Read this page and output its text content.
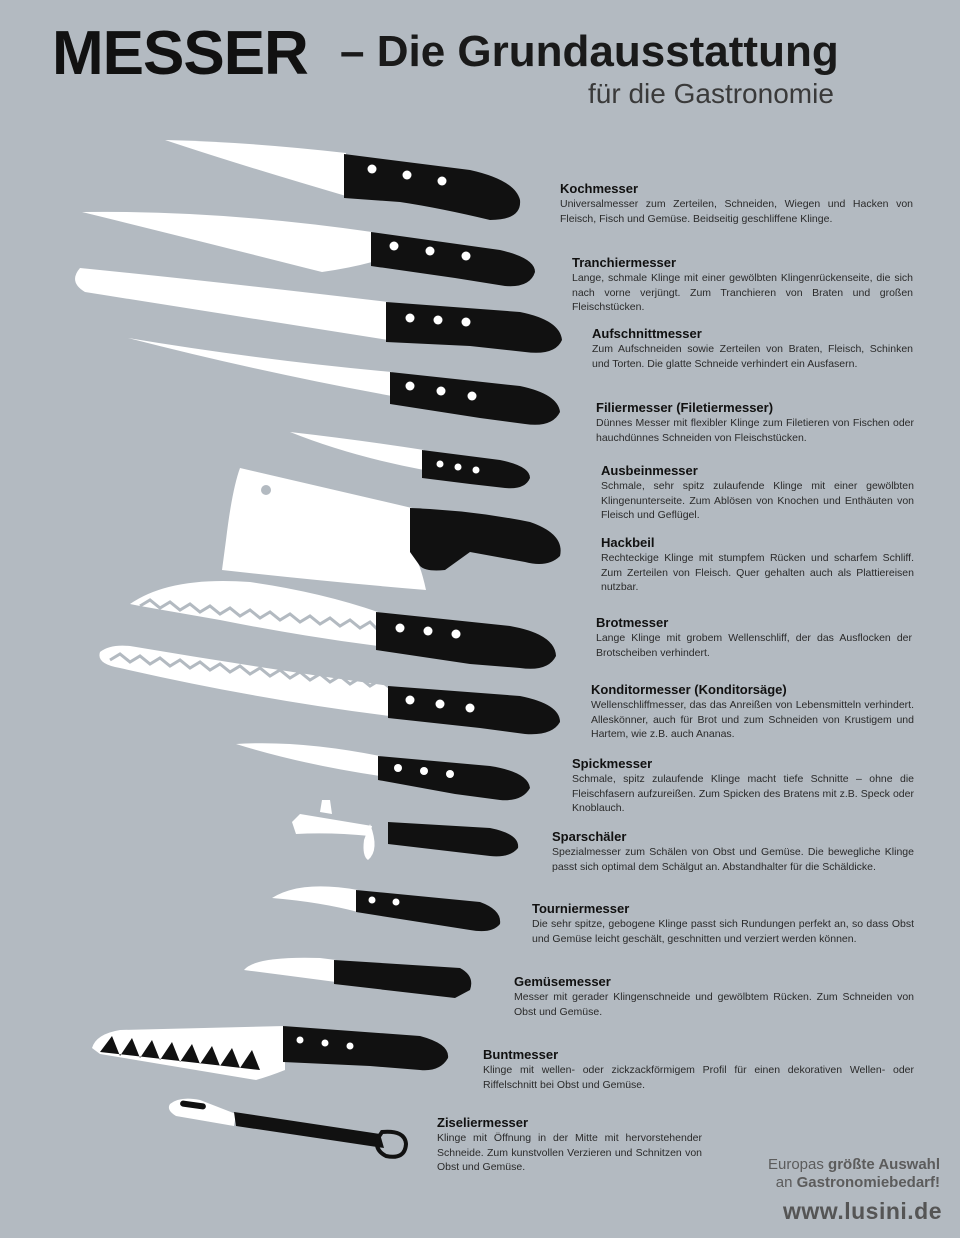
MESSER – Die Grundausstattung
für die Gastronomie
Kochmesser

Universalmesser zum Zerteilen, Schneiden, Wiegen und Hacken von Fleisch, Fisch und Gemüse. Beidseitig geschliffene Klinge.

Tranchiermesser

Lange, schmale Klinge mit einer gewölbten Klingenrückenseite, die sich nach vorne verjüngt. Zum Tranchieren von Braten und großen Fleischstücken.

Aufschnittmesser

Zum Aufschneiden sowie Zerteilen von Braten, Fleisch, Schinken und Torten. Die glatte Schneide verhindert ein Ausfasern.

Filiermesser (Filetiermesser)

Dünnes Messer mit flexibler Klinge zum Filetieren von Fischen oder hauchdünnes Schneiden von Fleischstücken.

Ausbeinmesser

Schmale, sehr spitz zulaufende Klinge mit einer gewölbten Klingenunterseite. Zum Ablösen von Knochen und Enthäuten von Fleisch und Geflügel.

Hackbeil

Rechteckige Klinge mit stumpfem Rücken und scharfem Schliff. Zum Zerteilen von Fleisch. Quer gehalten auch als Plattiereisen nutzbar.

Brotmesser

Lange Klinge mit grobem Wellenschliff, der das Ausflocken der Brotscheiben verhindert.

Konditormesser (Konditorsäge)

Wellenschliffmesser, das das Anreißen von Lebensmitteln verhindert. Alleskönner, auch für Brot und zum Schneiden von Krustigem und Hartem, wie z.B. auch Ananas.

Spickmesser

Schmale, spitz zulaufende Klinge macht tiefe Schnitte – ohne die Fleischfasern aufzureißen. Zum Spicken des Bratens mit z.B. Speck oder Knoblauch.

Sparschäler

Spezialmesser zum Schälen von Obst und Gemüse. Die bewegliche Klinge passt sich optimal dem Schälgut an. Abstandhalter für die Schäldicke.

Tourniermesser

Die sehr spitze, gebogene Klinge passt sich Rundungen perfekt an, so dass Obst und Gemüse leicht geschält, geschnitten und verziert werden können.

Gemüsemesser

Messer mit gerader Klingenschneide und gewölbtem Rücken. Zum Schneiden von Obst und Gemüse.

Buntmesser

Klinge mit wellen- oder zickzackförmigem Profil für einen dekorativen Wellen- oder Riffelschnitt bei Obst und Gemüse.

Ziseliermesser

Klinge mit Öffnung in der Mitte mit hervorstehender Schneide. Zum kunstvollen Verzieren und Schnitzen von Obst und Gemüse.	Europas größte Auswahl
an Gastronomiebedarf!
www.lusini.de
